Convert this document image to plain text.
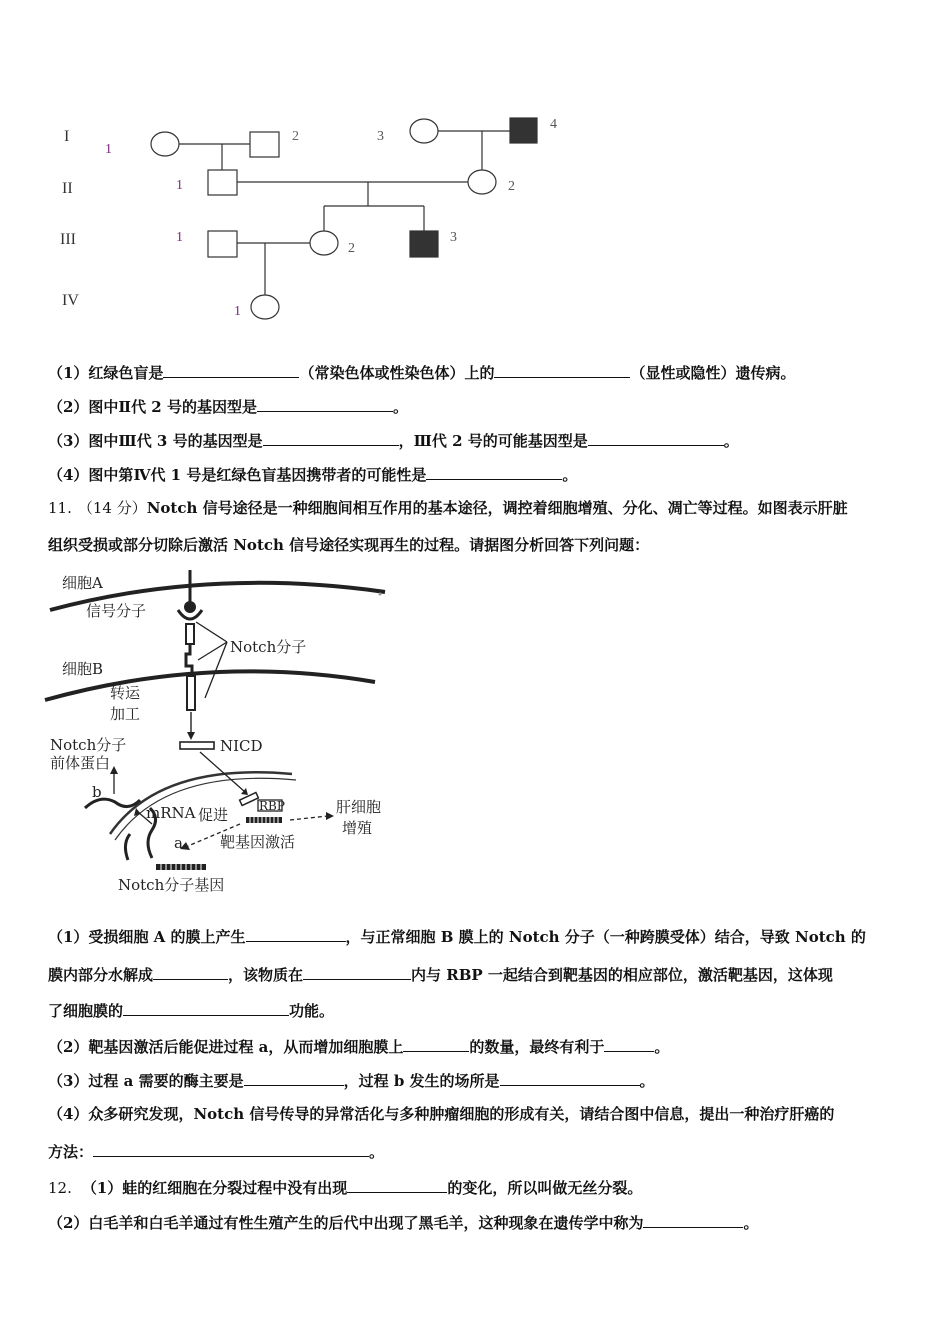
I
II
III
IV
1
2	3
4
1	2
1
2
3
1
（1）红绿色盲是	（常染色体或性染色体）上的	（显性或隐性）遗传病。
（2）图中Ⅱ代 2 号的基因型是	。
（3）图中Ⅲ代 3 号的基因型是	，Ⅲ代 2 号的可能基因型是	。
（4）图中第Ⅳ代 1 号是红绿色盲基因携带者的可能性是	。
11. （14 分）Notch 信号途径是一种细胞间相互作用的基本途径，调控着细胞增殖、分化、凋亡等过程。如图表示肝脏
组织受损或部分切除后激活 Notch 信号途径实现再生的过程。请据图分析回答下列问题：
细胞A
信号分子
Notch分子
细胞B
转运
加工
Notch分子
前体蛋白
NICD
b
mRNA 促进	RBP	肝细胞
增殖
a 靶基因激活
Notch分子基因
（1）受损细胞 A 的膜上产生	，与正常细胞 B 膜上的 Notch 分子（一种跨膜受体）结合，导致 Notch 的
膜内部分水解成	，该物质在	内与 RBP 一起结合到靶基因的相应部位，激活靶基因，这体现
了细胞膜的	功能。
（2）靶基因激活后能促进过程 a，从而增加细胞膜上	的数量，最终有利于	。
（3）过程 a 需要的酶主要是	，过程 b 发生的场所是	。
（4）众多研究发现，Notch 信号传导的异常活化与多种肿瘤细胞的形成有关，请结合图中信息，提出一种治疗肝癌的
方法：	。
12. （1）蛙的红细胞在分裂过程中没有出现	的变化，所以叫做无丝分裂。
（2）白毛羊和白毛羊通过有性生殖产生的后代中出现了黑毛羊，这种现象在遗传学中称为	。
